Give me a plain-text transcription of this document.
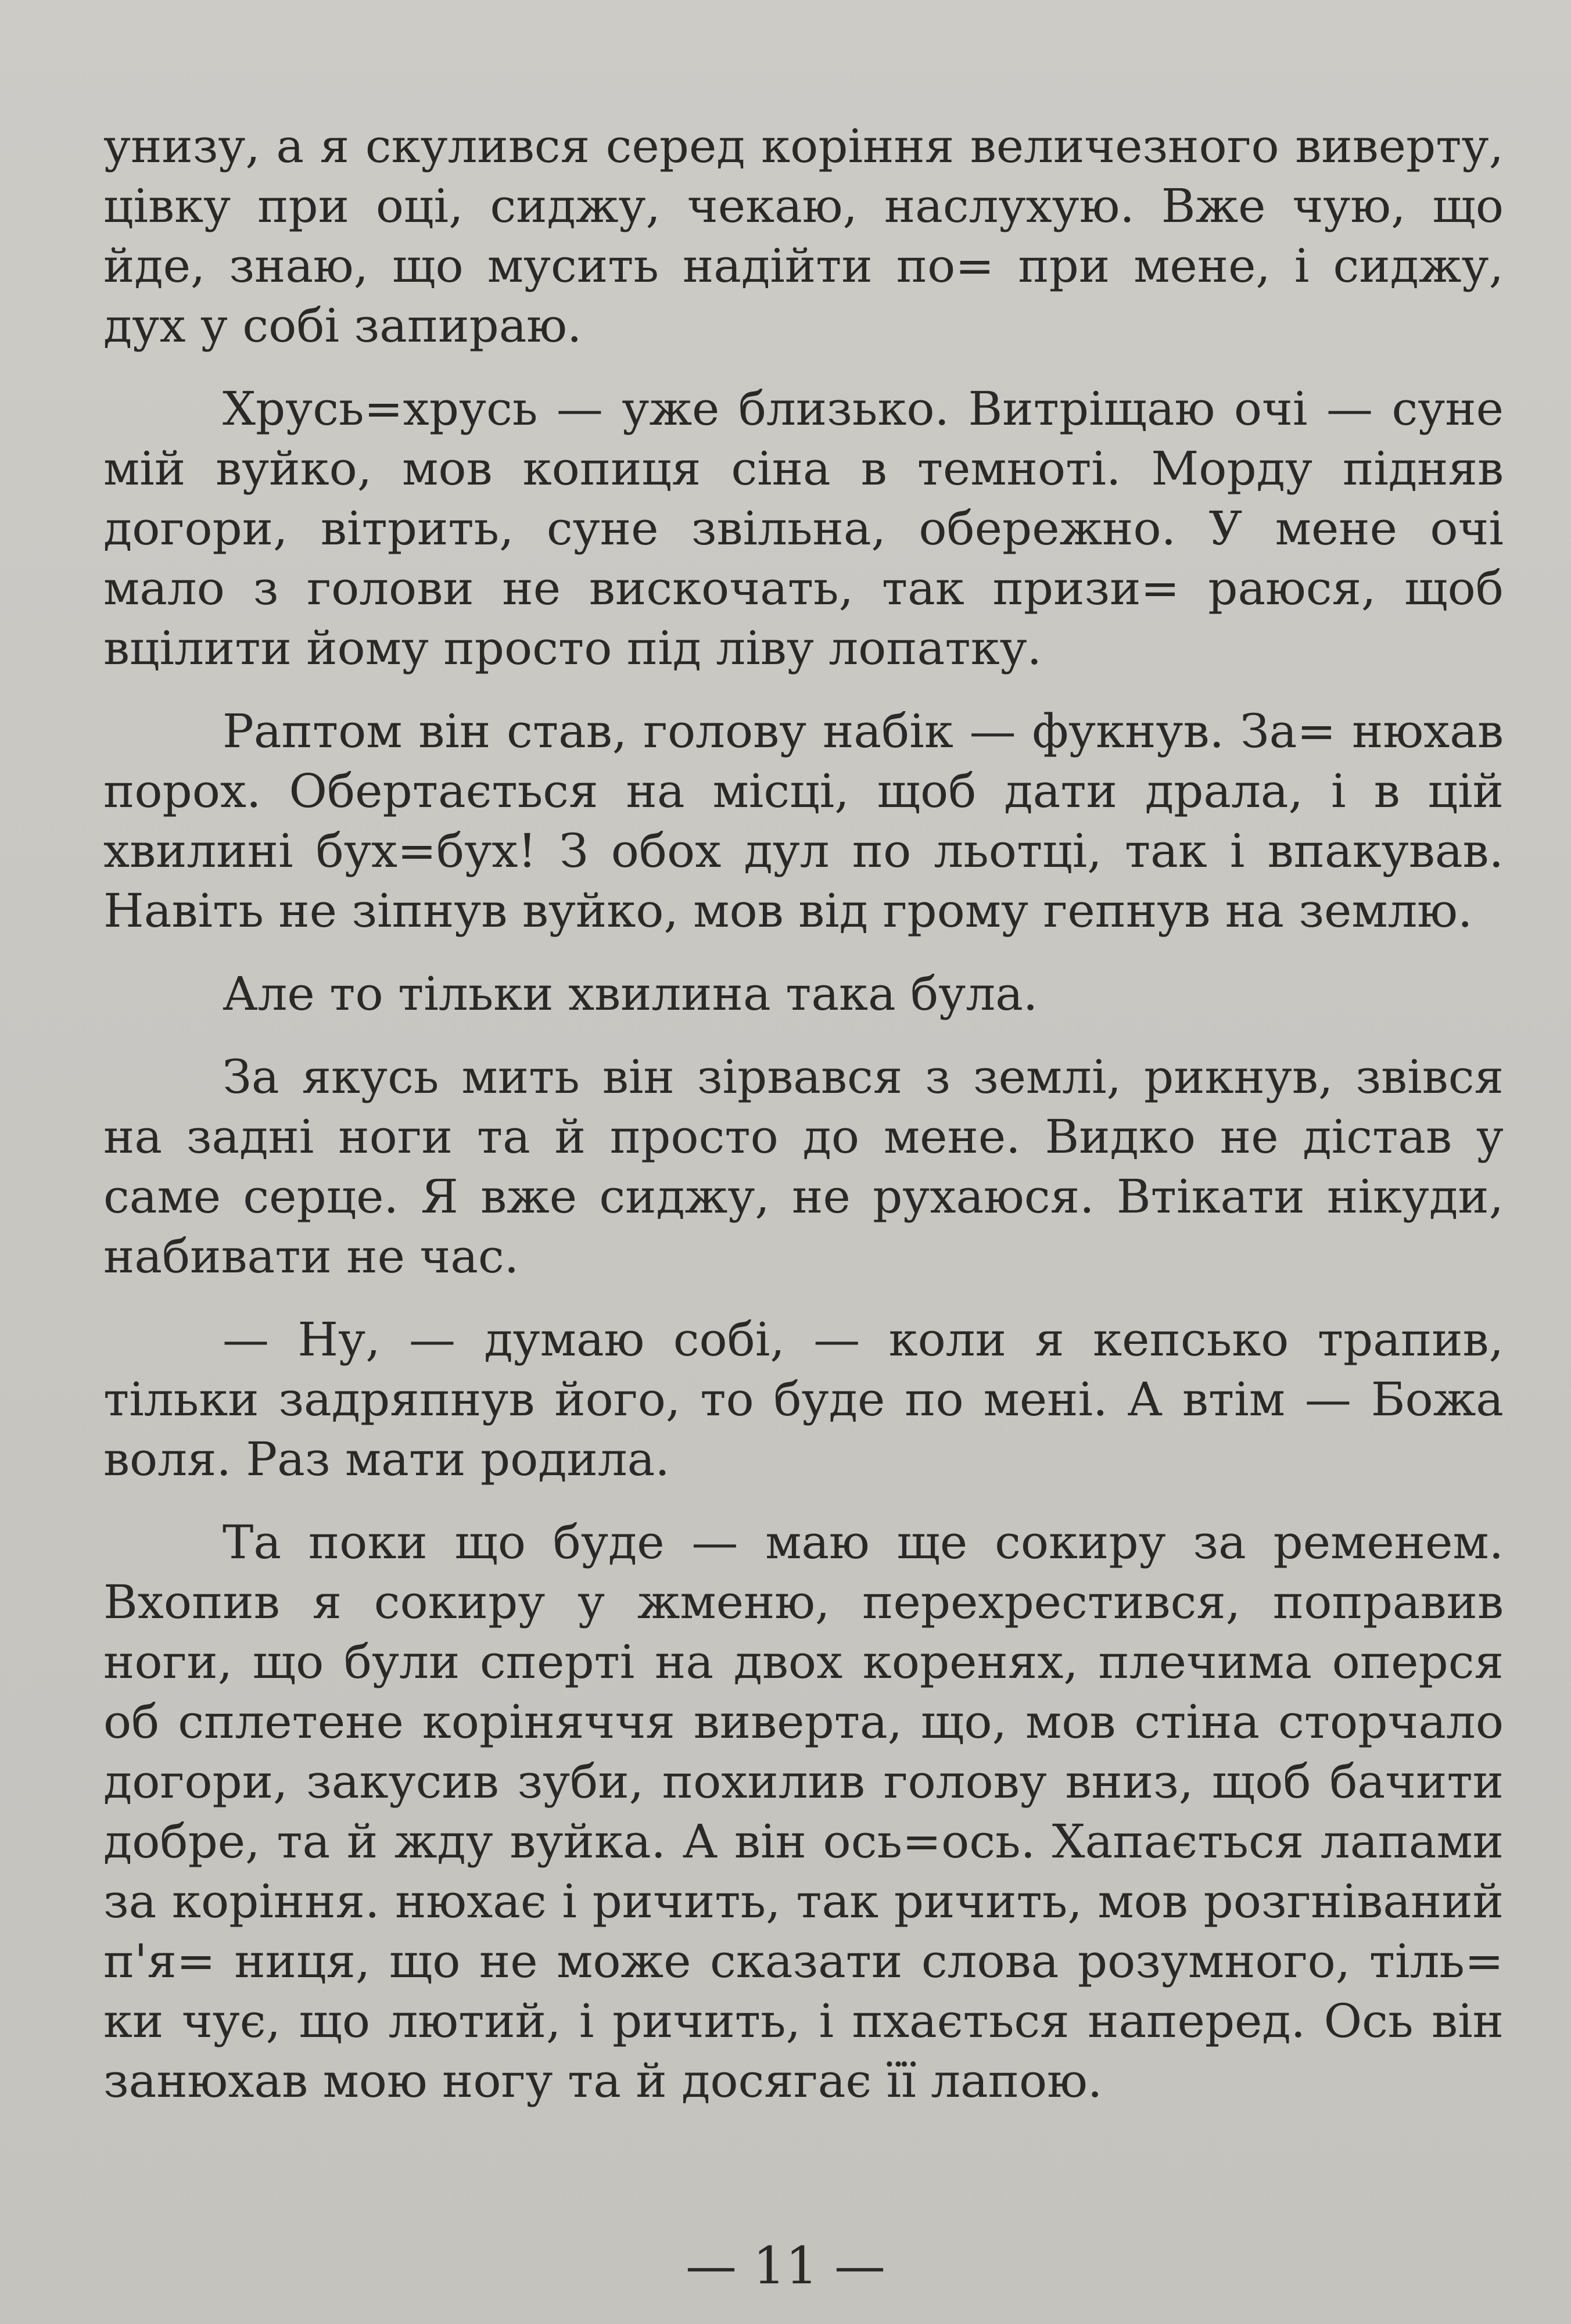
унизу, а я скулився серед коріння величезного виверту, цівку при оці, сиджу, чекаю, наслухую. Вже чую, що йде, знаю, що мусить надійти по= при мене, і сиджу, дух у собі запираю.

Хрусь=хрусь — уже близько. Витріщаю очі — суне мій вуйко, мов копиця сіна в темноті. Морду підняв догори, вітрить, суне звільна, обережно. У мене очі мало з голови не вискочать, так призи= раюся, щоб вцілити йому просто під ліву лопатку.

Раптом він став, голову набік — фукнув. За= нюхав порох. Обертається на місці, щоб дати драла, і в цій хвилині бух=бух! З обох дул по льотці, так і впакував. Навіть не зіпнув вуйко, мов від грому гепнув на землю.

Але то тільки хвилина така була.

За якусь мить він зірвався з землі, рикнув, звівся на задні ноги та й просто до мене. Видко не дістав у саме серце. Я вже сиджу, не рухаюся. Втікати нікуди, набивати не час.

— Ну, — думаю собі, — коли я кепсько трапив, тільки задряпнув його, то буде по мені. А втім — Божа воля. Раз мати родила.

Та поки що буде — маю ще сокиру за ременем. Вхопив я сокиру у жменю, перехрестився, поправив ноги, що були сперті на двох коренях, плечима оперся об сплетене коріняччя виверта, що, мов стіна сторчало догори, закусив зуби, похилив голову вниз, щоб бачити добре, та й жду вуйка. А він ось=ось. Хапається лапами за коріння. нюхає і ричить, так ричить, мов розгніваний п'я= ниця, що не може сказати слова розумного, тіль= ки чує, що лютий, і ричить, і пхається наперед. Ось він занюхав мою ногу та й досягає її лапою.

— 11 —
